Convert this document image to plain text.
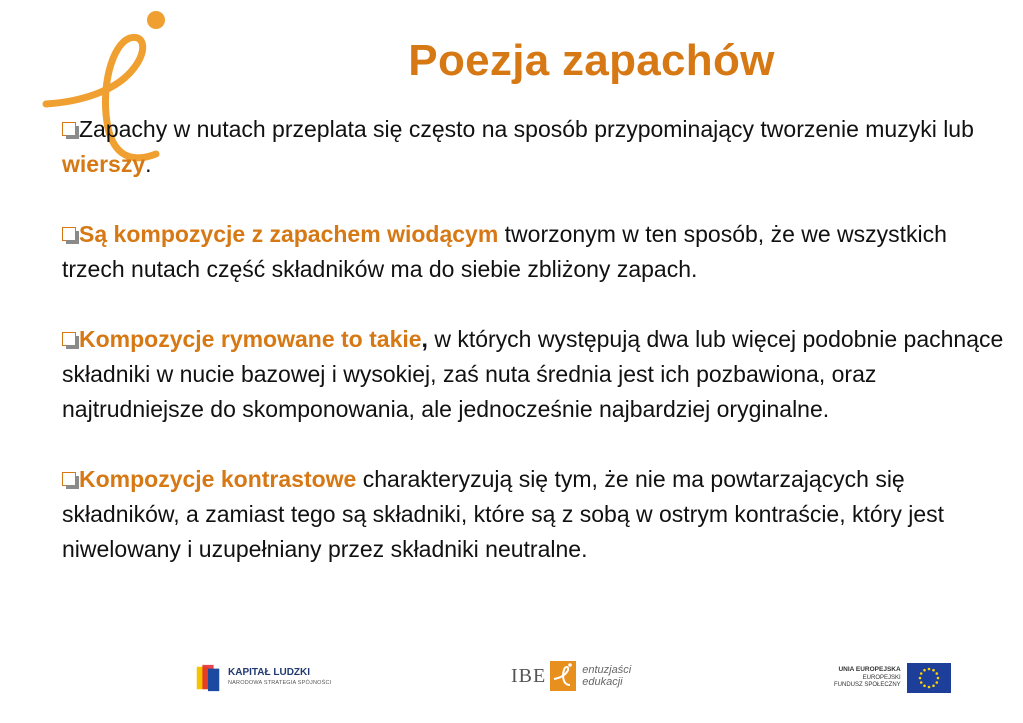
Poezja zapachów

Zapachy w nutach przeplata się często na sposób przypominający tworzenie muzyki lub wierszy.

Są kompozycje z zapachem wiodącym tworzonym w ten sposób, że we wszystkich trzech nutach część składników ma do siebie zbliżony zapach.

Kompozycje rymowane to takie, w których występują dwa lub więcej podobnie pachnące składniki w nucie bazowej i wysokiej, zaś nuta średnia jest ich pozbawiona, oraz najtrudniejsze do skomponowania, ale jednocześnie najbardziej oryginalne.

Kompozycje kontrastowe charakteryzują się tym, że nie ma powtarzających się składników, a zamiast tego są składniki, które są z sobą w ostrym kontraście, który jest niwelowany i uzupełniany przez składniki neutralne.

KAPITAŁ LUDZKI
NARODOWA STRATEGIA SPÓJNOŚCI	IBE	entuzjaści
edukacji
UNIA EUROPEJSKA
EUROPEJSKI
FUNDUSZ SPOŁECZNY
